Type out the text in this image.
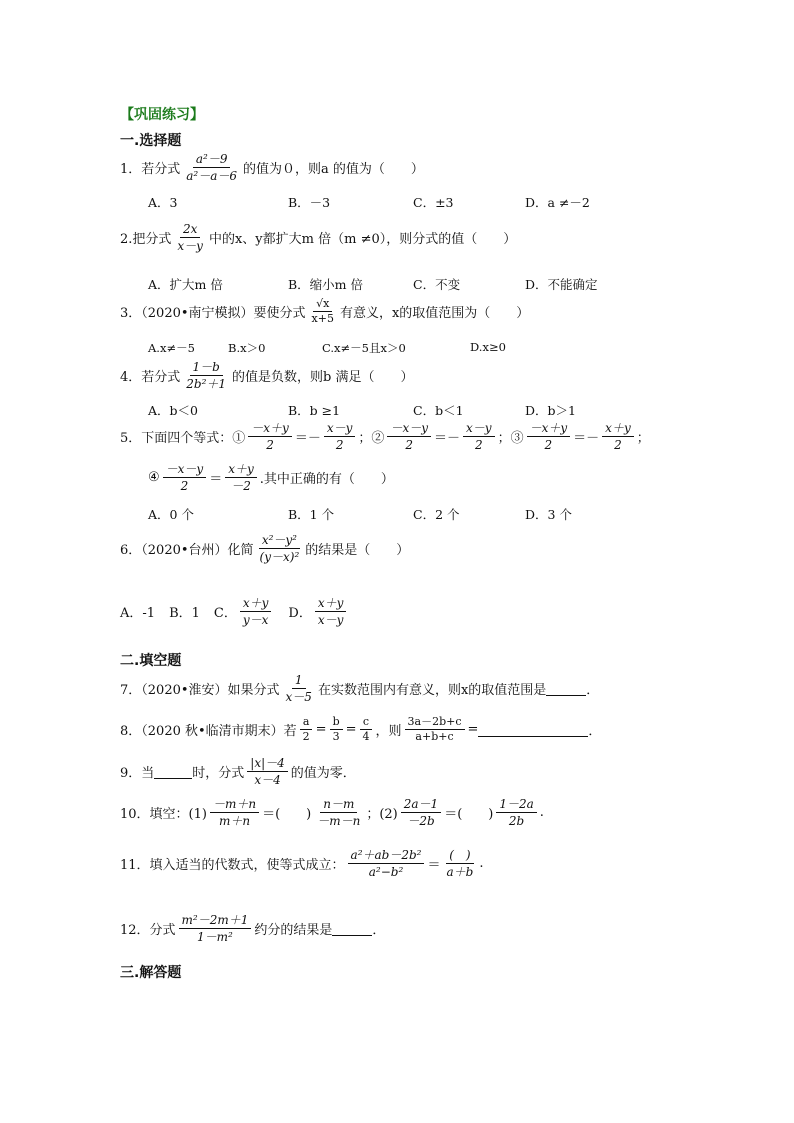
【巩固练习】
一.选择题
1．若分式 $\frac{\text{a²－9}}{\text{a²－a－6}}$ 的值为０，则a 的值为（　　）
A．3	B．－3	C．±3	D．a ≠－2
2.把分式 $\frac{2x}{x-y}$ 中的x、y都扩大m 倍（m ≠0），则分式的值（　　）
A．扩大m 倍	B．缩小m 倍	C．不变	D．不能确定
3．（2020•南宁模拟）要使分式 $\frac{√x}{x+5}$ 有意义，x的取值范围为（　　）
A.x≠－5	B.x＞0	C.x≠－5且x＞0	D.x≥0
4．若分式 $\frac{1-b}{\text{2b²＋1}}$ 的值是负数，则b 满足（　　）
A．b＜0	B．b ≥1	C．b＜1	D．b＞1
5．下面四个等式：① $\frac{-x+y}{2} =- \frac{x-y}{2}$ ；② $\frac{-x-y}{2} =- \frac{x-y}{2}$ ；③ $\frac{-x+y}{2} =- \frac{x+y}{2}$ ；
④ $\frac{-x-y}{2} = \frac{x+y}{-2}$ .其中正确的有（　　）
A．0 个	B．1 个	C．2 个	D．3 个
6．（2020•台州）化简 $\frac{\text{x²－y²}}{\text{(y－x)²}}$ 的结果是（　　）
A．-1 B．1 C． $\frac{x+y}{y-x}$ D． $\frac{x+y}{x-y}$
二.填空题
7．（2020•淮安）如果分式 $\frac{1}{x-5}$ 在实数范围内有意义，则x的取值范围是	．
8．（2020 秋•临清市期末）若 $\frac{a}{2} = \frac{b}{3} = \frac{c}{4}$ ，则 $\frac{3a-2b+c}{a+b+c}$ =	．
9．当	时，分式 $\frac{|x|-4}{x-4}$ 的值为零．
10．填空：$(1) \frac{-m+n}{m+n}$ ＝(　　) $\frac{n-m}{-m-n}$ ；$(2) \frac{2a-1}{-2b}$ ＝(　　) $\frac{1-2a}{2b}$ .
11．填入适当的代数式，使等式成立： $\frac{\text{a²＋ab－2b²}}{\text{a²−b²}} = \frac{( )}{a+b}$ .
12．分式 $\frac{\text{m²－2m＋1}}{\text{1－m²}}$ 约分的结果是	．
三.解答题
